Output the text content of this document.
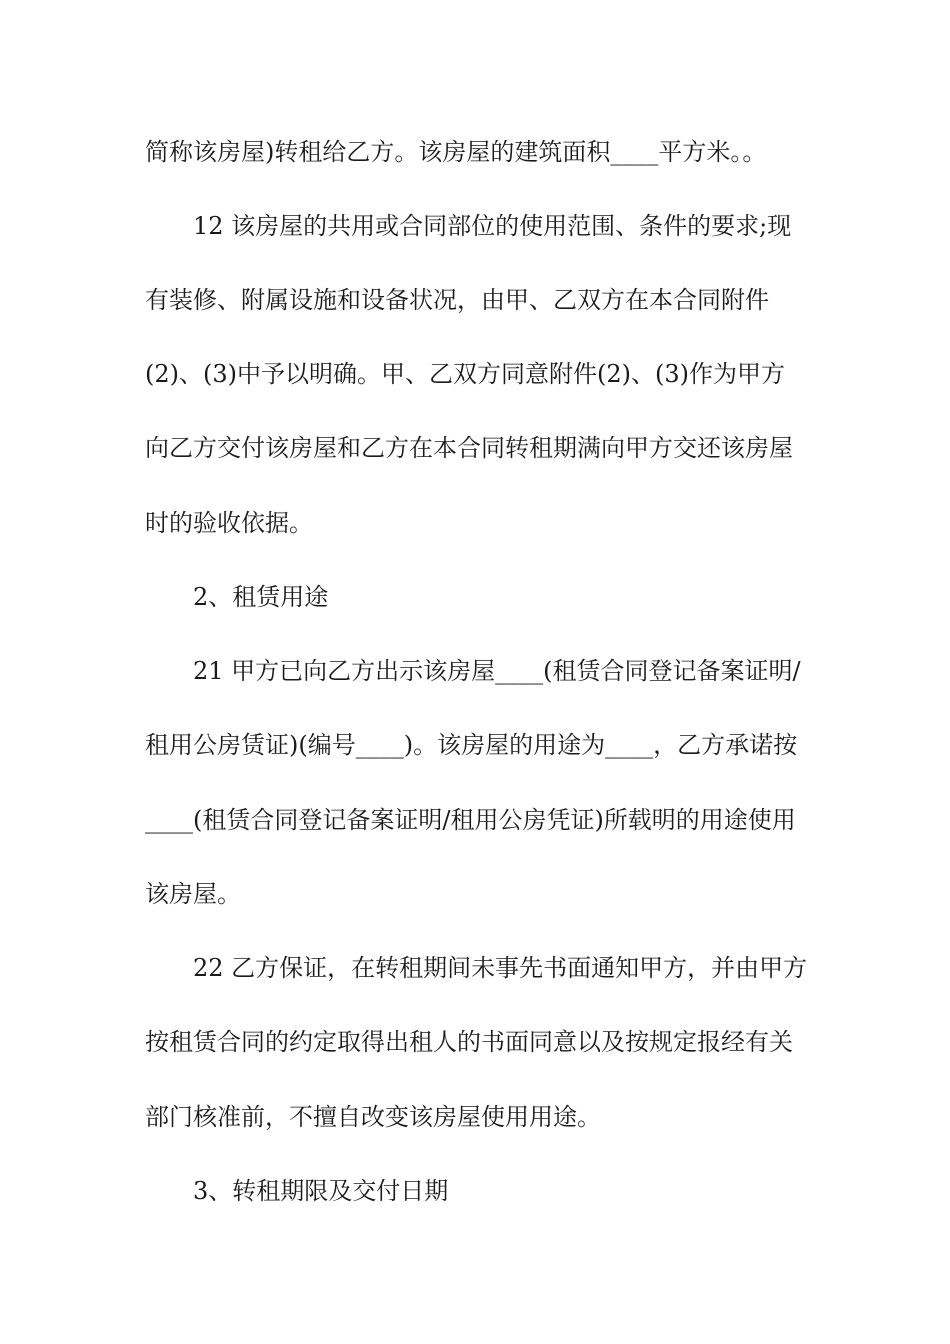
简称该房屋)转租给乙方。该房屋的建筑面积____平方米。。
12 该房屋的共用或合同部位的使用范围、条件的要求;现
有装修、附属设施和设备状况，由甲、乙双方在本合同附件
(2)、(3)中予以明确。甲、乙双方同意附件(2)、(3)作为甲方
向乙方交付该房屋和乙方在本合同转租期满向甲方交还该房屋
时的验收依据。
2、租赁用途
21 甲方已向乙方出示该房屋____(租赁合同登记备案证明/
租用公房赁证)(编号____)。该房屋的用途为____，乙方承诺按
____(租赁合同登记备案证明/租用公房凭证)所载明的用途使用
该房屋。
22 乙方保证，在转租期间未事先书面通知甲方，并由甲方
按租赁合同的约定取得出租人的书面同意以及按规定报经有关
部门核准前，不擅自改变该房屋使用用途。
3、转租期限及交付日期
